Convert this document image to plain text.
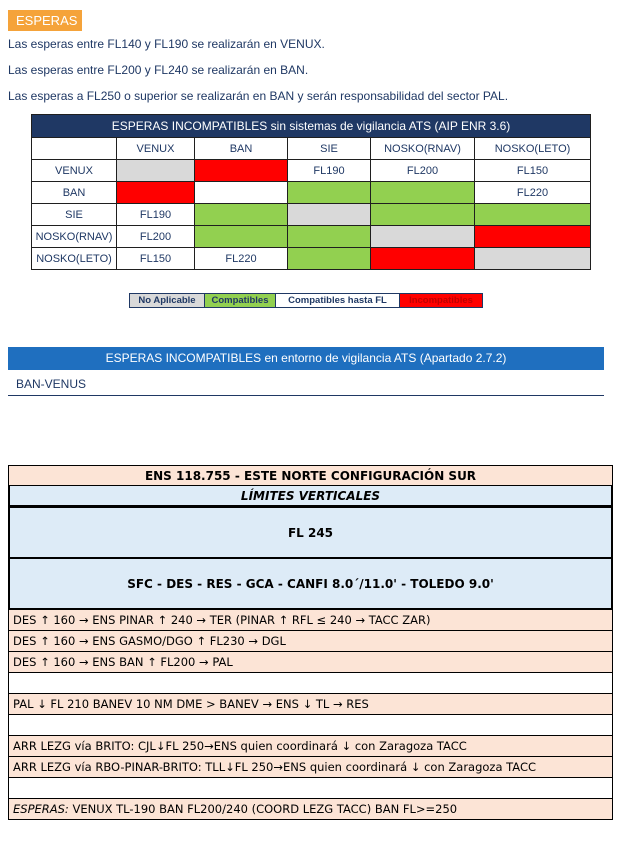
ESPERAS
Las esperas entre FL140 y FL190 se realizarán en VENUX.
Las esperas entre FL200 y FL240 se realizarán en BAN.
Las esperas a FL250 o superior se realizarán en BAN y serán responsabilidad del sector PAL.
ESPERAS INCOMPATIBLES sin sistemas de vigilancia ATS (AIP ENR 3.6)					
	VENUX	BAN	SIE	NOSKO(RNAV)	NOSKO(LETO)
VENUX			FL190	FL200	FL150
BAN					FL220
SIE	FL190				
NOSKO(RNAV)	FL200				
NOSKO(LETO)	FL150	FL220			
No Aplicable	Compatibles	Compatibles hasta FL	Incompatibles
ESPERAS INCOMPATIBLES en entorno de vigilancia ATS (Apartado 2.7.2)
BAN-VENUS
ENS 118.755 - ESTE NORTE CONFIGURACIÓN SUR
LÍMITES VERTICALES
FL 245
SFC - DES - RES - GCA - CANFI 8.0´/11.0' - TOLEDO 9.0'
DES ↑ 160 → ENS PINAR ↑ 240 → TER (PINAR ↑ RFL ≤ 240 → TACC ZAR)
DES ↑ 160 → ENS GASMO/DGO ↑ FL230 → DGL
DES ↑ 160 → ENS BAN ↑ FL200 → PAL
PAL ↓ FL 210 BANEV 10 NM DME > BANEV → ENS ↓ TL → RES
ARR LEZG vía BRITO: CJL↓FL 250→ENS quien coordinará ↓ con Zaragoza TACC
ARR LEZG vía RBO-PINAR-BRITO: TLL↓FL 250→ENS quien coordinará ↓ con Zaragoza TACC
ESPERAS: VENUX TL-190 BAN FL200/240 (COORD LEZG TACC) BAN FL>=250
